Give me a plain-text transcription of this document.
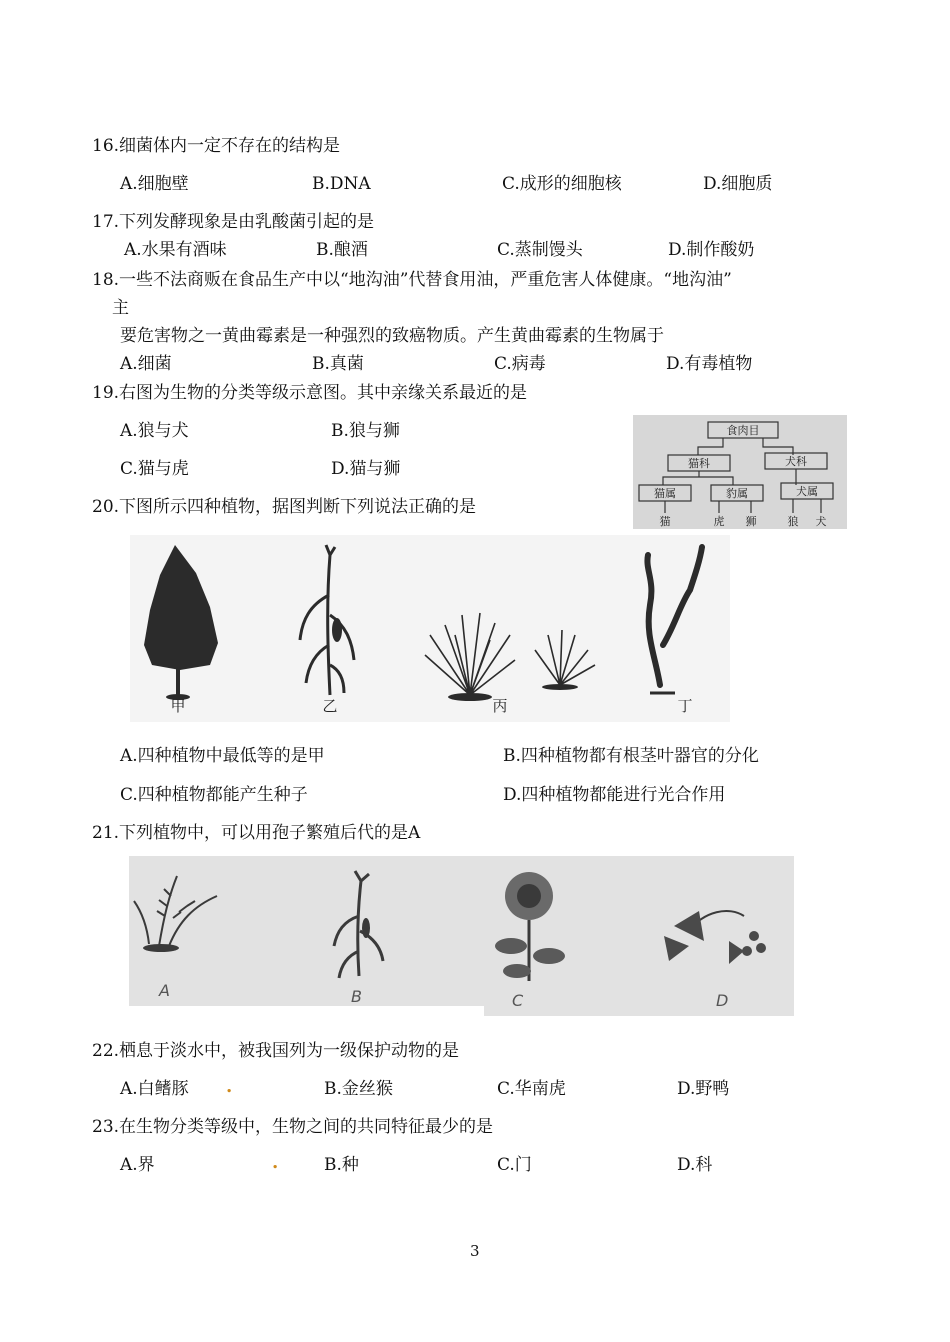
16.细菌体内一定不存在的结构是
A.细胞壁	B.DNA	C.成形的细胞核	D.细胞质
17.下列发酵现象是由乳酸菌引起的是
A.水果有酒味	B.酿酒	C.蒸制馒头	D.制作酸奶
18.一些不法商贩在食品生产中以“地沟油”代替食用油，严重危害人体健康。“地沟油”
主
要危害物之一黄曲霉素是一种强烈的致癌物质。产生黄曲霉素的生物属于
A.细菌	B.真菌	C.病毒	D.有毒植物
19.右图为生物的分类等级示意图。其中亲缘关系最近的是
A.狼与犬	B.狼与狮
C.猫与虎	D.猫与狮
食肉目
猫科	犬科
猫属	豹属	犬属
猫	虎 狮	狼 犬
20.下图所示四种植物，据图判断下列说法正确的是
甲	乙	丙	丁
A.四种植物中最低等的是甲	B.四种植物都有根茎叶器官的分化
C.四种植物都能产生种子	D.四种植物都能进行光合作用
21.下列植物中，可以用孢子繁殖后代的是A
A	B	C	D
22.栖息于淡水中，被我国列为一级保护动物的是
A.白鳍豚 .	B.金丝猴	C.华南虎	D.野鸭
23.在生物分类等级中，生物之间的共同特征最少的是
A.界	.	B.种	C.门	D.科
3
